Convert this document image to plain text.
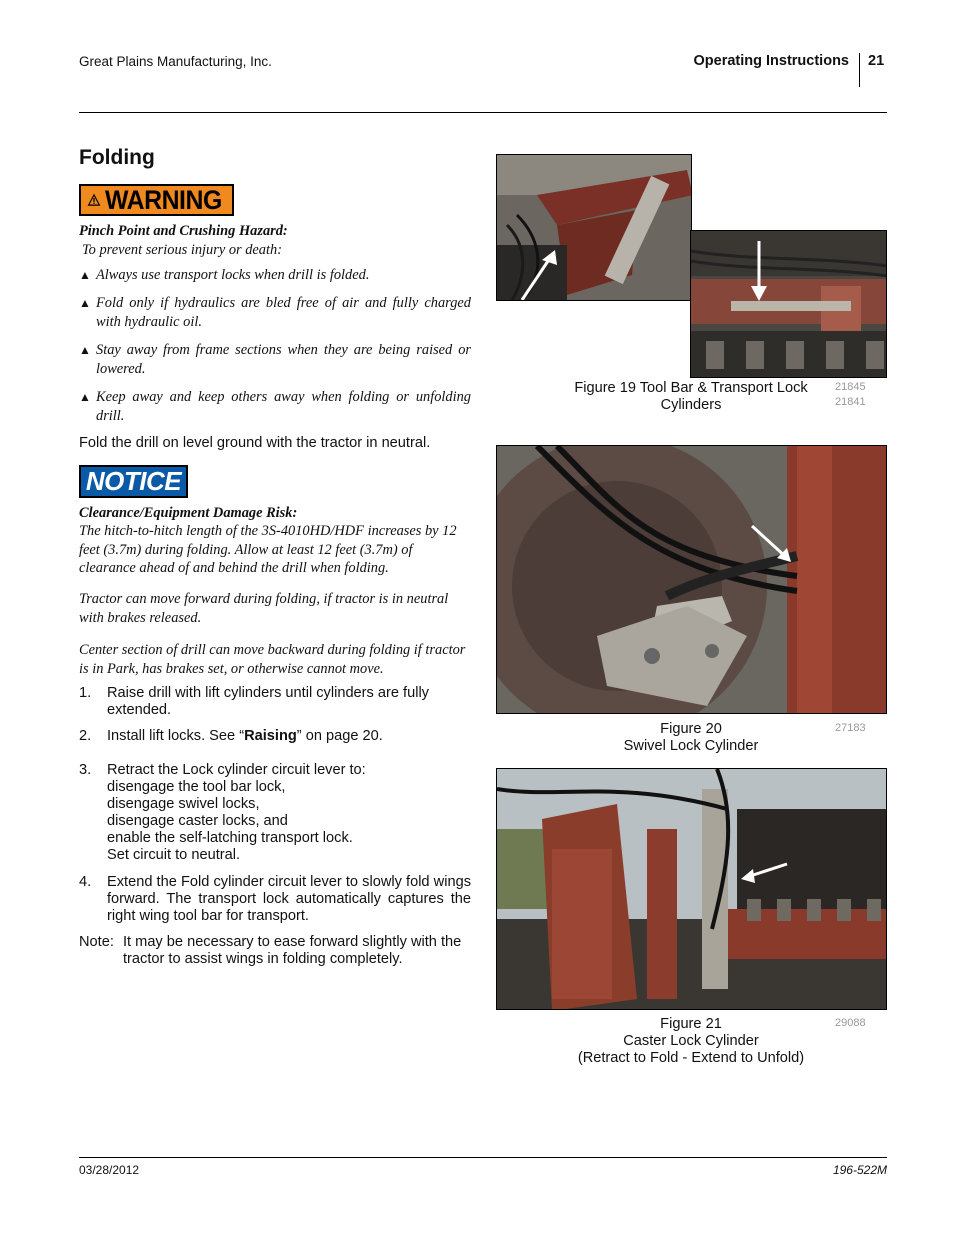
Great Plains Manufacturing, Inc.	Operating Instructions 21
Folding
WARNING
Pinch Point and Crushing Hazard:
To prevent serious injury or death:
▲ Always use transport locks when drill is folded.
▲ Fold only if hydraulics are bled free of air and fully charged with hydraulic oil.
▲ Stay away from frame sections when they are being raised or lowered.
▲ Keep away and keep others away when folding or unfolding drill.
Fold the drill on level ground with the tractor in neutral.
NOTICE
Clearance/Equipment Damage Risk:
The hitch-to-hitch length of the 3S-4010HD/HDF increases by 12 feet (3.7m) during folding. Allow at least 12 feet (3.7m) of clearance ahead of and behind the drill when folding.
Tractor can move forward during folding, if tractor is in neutral with brakes released.
Center section of drill can move backward during folding if tractor is in Park, has brakes set, or otherwise cannot move.
1. Raise drill with lift cylinders until cylinders are fully extended.
2. Install lift locks. See “Raising” on page 20.
3. Retract the Lock cylinder circuit lever to:
disengage the tool bar lock,
disengage swivel locks,
disengage caster locks, and
enable the self-latching transport lock.
Set circuit to neutral.
4. Extend the Fold cylinder circuit lever to slowly fold wings forward. The transport lock automatically captures the right wing tool bar for transport.
Note: It may be necessary to ease forward slightly with the tractor to assist wings in folding completely.
Figure 19 Tool Bar & Transport Lock
Cylinders
21845
21841
Figure 20
Swivel Lock Cylinder
27183
Figure 21
Caster Lock Cylinder
(Retract to Fold - Extend to Unfold)
29088
03/28/2012	196-522M
